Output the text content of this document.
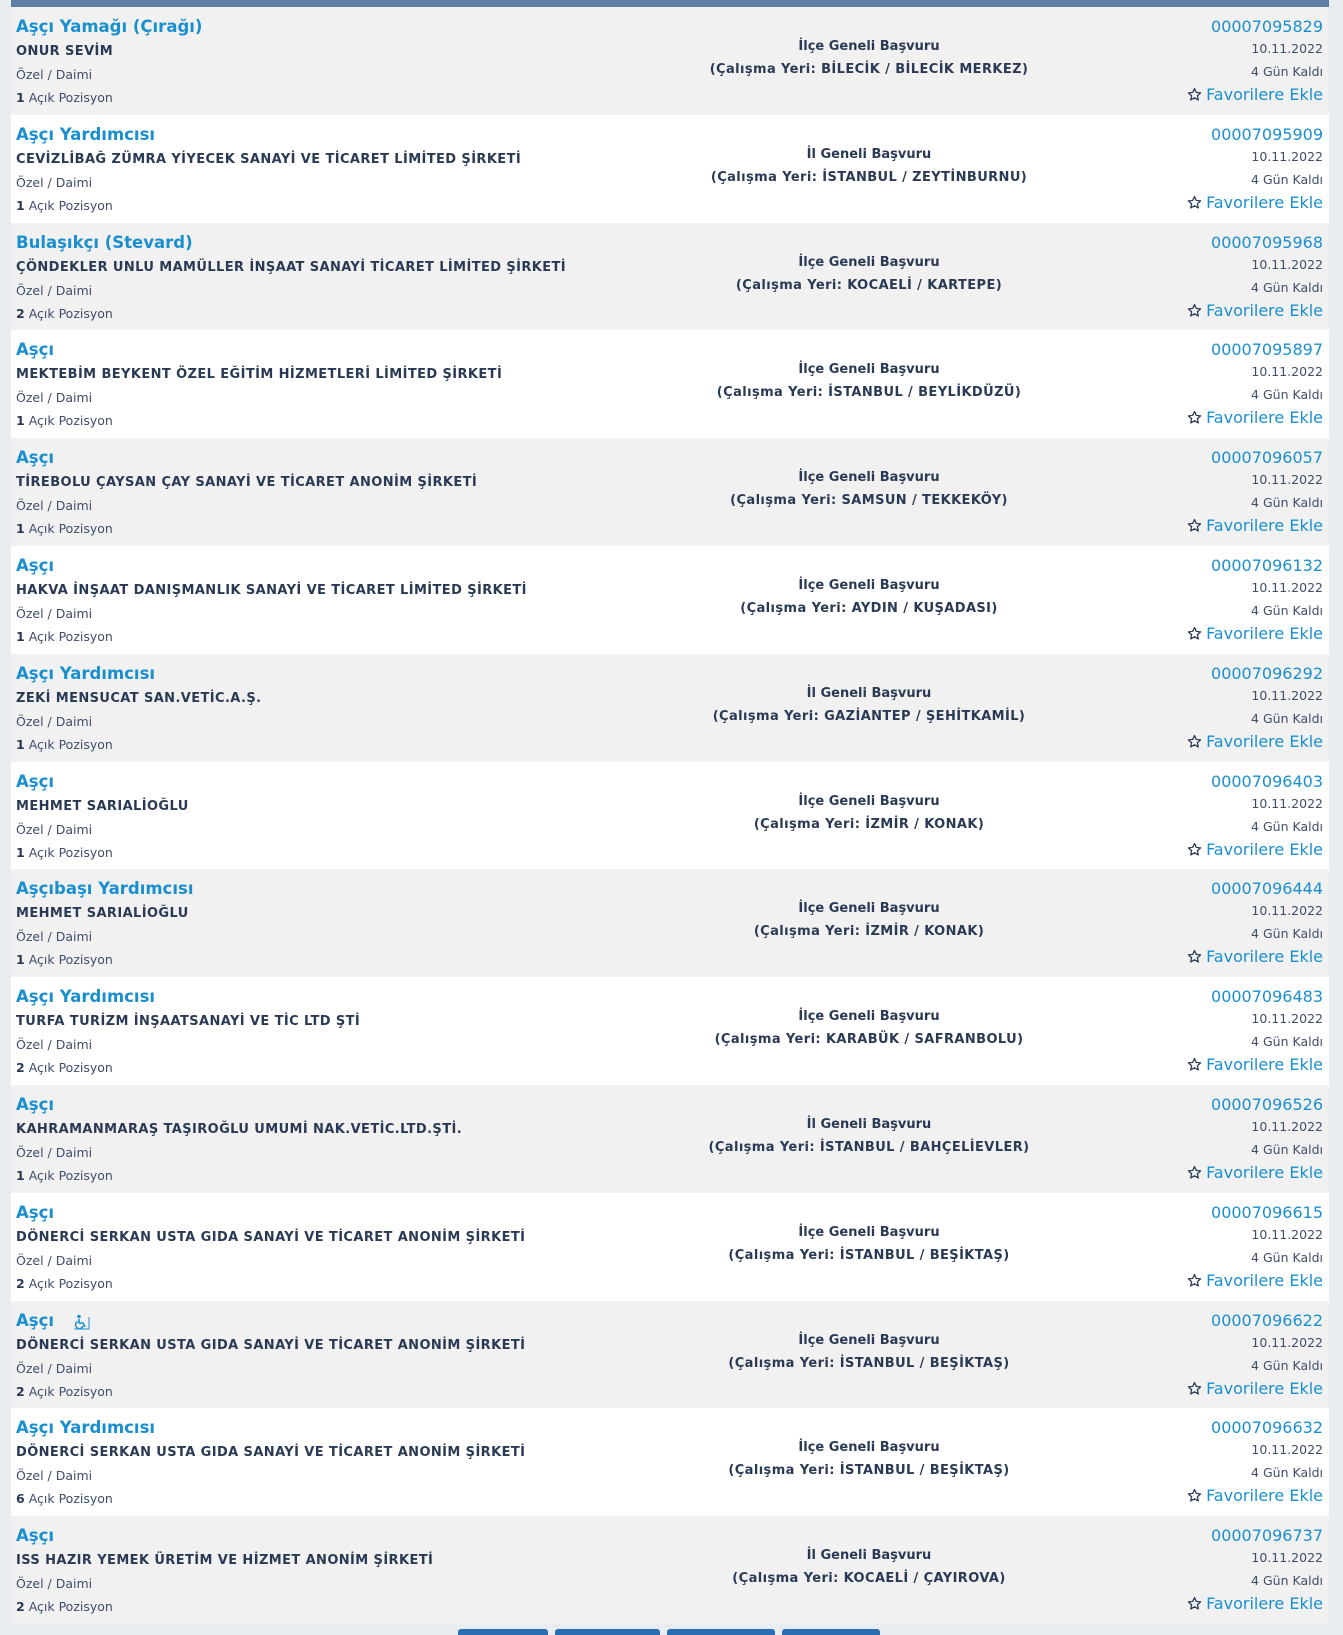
Aşçı Yamağı (Çırağı)
ONUR SEVİM
Özel / Daimi
1 Açık Pozisyon
İlçe Geneli Başvuru
(Çalışma Yeri: BİLECİK / BİLECİK MERKEZ)
00007095829
10.11.2022
4 Gün Kaldı
Favorilere Ekle
Aşçı Yardımcısı
CEVİZLİBAĞ ZÜMRA YİYECEK SANAYİ VE TİCARET LİMİTED ŞİRKETİ
Özel / Daimi
1 Açık Pozisyon
İl Geneli Başvuru
(Çalışma Yeri: İSTANBUL / ZEYTİNBURNU)
00007095909
10.11.2022
4 Gün Kaldı
Favorilere Ekle
Bulaşıkçı (Stevard)
ÇÖNDEKLER UNLU MAMÜLLER İNŞAAT SANAYİ TİCARET LİMİTED ŞİRKETİ
Özel / Daimi
2 Açık Pozisyon
İlçe Geneli Başvuru
(Çalışma Yeri: KOCAELİ / KARTEPE)
00007095968
10.11.2022
4 Gün Kaldı
Favorilere Ekle
Aşçı
MEKTEBİM BEYKENT ÖZEL EĞİTİM HİZMETLERİ LİMİTED ŞİRKETİ
Özel / Daimi
1 Açık Pozisyon
İlçe Geneli Başvuru
(Çalışma Yeri: İSTANBUL / BEYLİKDÜZÜ)
00007095897
10.11.2022
4 Gün Kaldı
Favorilere Ekle
Aşçı
TİREBOLU ÇAYSAN ÇAY SANAYİ VE TİCARET ANONİM ŞİRKETİ
Özel / Daimi
1 Açık Pozisyon
İlçe Geneli Başvuru
(Çalışma Yeri: SAMSUN / TEKKEKÖY)
00007096057
10.11.2022
4 Gün Kaldı
Favorilere Ekle
Aşçı
HAKVA İNŞAAT DANIŞMANLIK SANAYİ VE TİCARET LİMİTED ŞİRKETİ
Özel / Daimi
1 Açık Pozisyon
İlçe Geneli Başvuru
(Çalışma Yeri: AYDIN / KUŞADASI)
00007096132
10.11.2022
4 Gün Kaldı
Favorilere Ekle
Aşçı Yardımcısı
ZEKİ MENSUCAT SAN.VETİC.A.Ş.
Özel / Daimi
1 Açık Pozisyon
İl Geneli Başvuru
(Çalışma Yeri: GAZİANTEP / ŞEHİTKAMİL)
00007096292
10.11.2022
4 Gün Kaldı
Favorilere Ekle
Aşçı
MEHMET SARIALİOĞLU
Özel / Daimi
1 Açık Pozisyon
İlçe Geneli Başvuru
(Çalışma Yeri: İZMİR / KONAK)
00007096403
10.11.2022
4 Gün Kaldı
Favorilere Ekle
Aşçıbaşı Yardımcısı
MEHMET SARIALİOĞLU
Özel / Daimi
1 Açık Pozisyon
İlçe Geneli Başvuru
(Çalışma Yeri: İZMİR / KONAK)
00007096444
10.11.2022
4 Gün Kaldı
Favorilere Ekle
Aşçı Yardımcısı
TURFA TURİZM İNŞAATSANAYİ VE TİC LTD ŞTİ
Özel / Daimi
2 Açık Pozisyon
İlçe Geneli Başvuru
(Çalışma Yeri: KARABÜK / SAFRANBOLU)
00007096483
10.11.2022
4 Gün Kaldı
Favorilere Ekle
Aşçı
KAHRAMANMARAŞ TAŞIROĞLU UMUMİ NAK.VETİC.LTD.ŞTİ.
Özel / Daimi
1 Açık Pozisyon
İl Geneli Başvuru
(Çalışma Yeri: İSTANBUL / BAHÇELİEVLER)
00007096526
10.11.2022
4 Gün Kaldı
Favorilere Ekle
Aşçı
DÖNERCİ SERKAN USTA GIDA SANAYİ VE TİCARET ANONİM ŞİRKETİ
Özel / Daimi
2 Açık Pozisyon
İlçe Geneli Başvuru
(Çalışma Yeri: İSTANBUL / BEŞİKTAŞ)
00007096615
10.11.2022
4 Gün Kaldı
Favorilere Ekle
Aşçı
DÖNERCİ SERKAN USTA GIDA SANAYİ VE TİCARET ANONİM ŞİRKETİ
Özel / Daimi
2 Açık Pozisyon
İlçe Geneli Başvuru
(Çalışma Yeri: İSTANBUL / BEŞİKTAŞ)
00007096622
10.11.2022
4 Gün Kaldı
Favorilere Ekle
Aşçı Yardımcısı
DÖNERCİ SERKAN USTA GIDA SANAYİ VE TİCARET ANONİM ŞİRKETİ
Özel / Daimi
6 Açık Pozisyon
İlçe Geneli Başvuru
(Çalışma Yeri: İSTANBUL / BEŞİKTAŞ)
00007096632
10.11.2022
4 Gün Kaldı
Favorilere Ekle
Aşçı
ISS HAZIR YEMEK ÜRETİM VE HİZMET ANONİM ŞİRKETİ
Özel / Daimi
2 Açık Pozisyon
İl Geneli Başvuru
(Çalışma Yeri: KOCAELİ / ÇAYIROVA)
00007096737
10.11.2022
4 Gün Kaldı
Favorilere Ekle
